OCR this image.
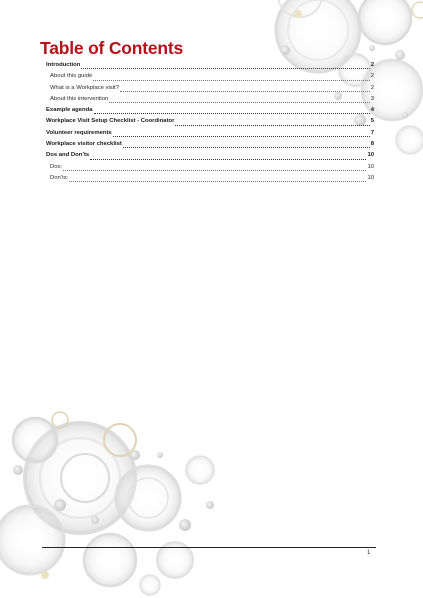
Table of Contents
Introduction	2
About this guide	2
What is a Workplace visit?	2
About this intervention	3
Example agenda	4
Workplace Visit Setup Checklist - Coordinator	5
Volunteer requirements	7
Workplace visitor checklist	8
Dos and Don’ts	10
Dos:	10
Don’ts:	10
1
